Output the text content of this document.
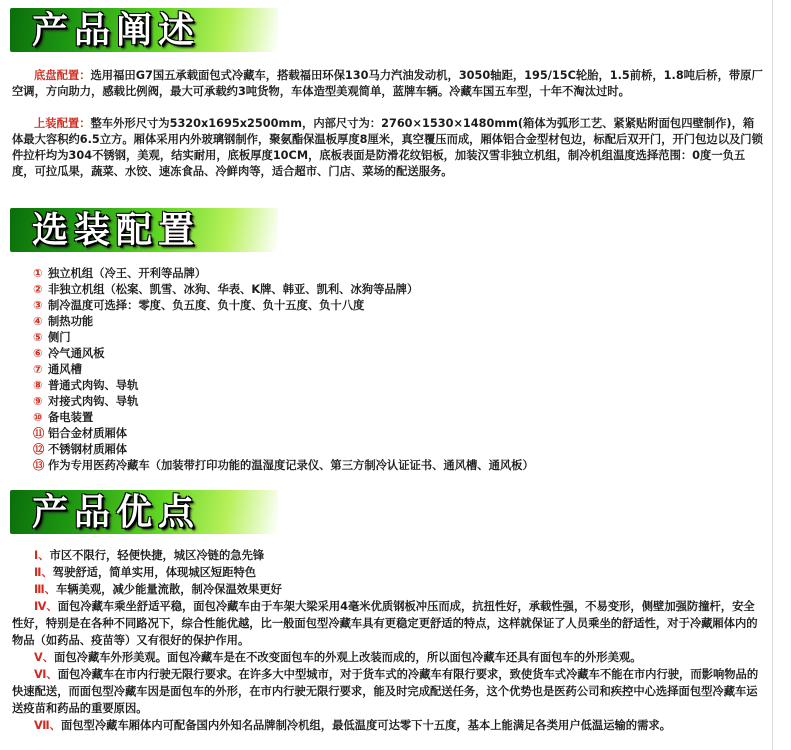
产品阐述
底盘配置：选用福田G7国五承载面包式冷藏车，搭载福田环保130马力汽油发动机，3050轴距，195/15C轮胎，1.5前桥，1.8吨后桥，带原厂空调，方向助力，感载比例阀，最大可承载约3吨货物，车体造型美观简单，蓝牌车辆。冷藏车国五车型，十年不淘汰过时。
上装配置：整车外形尺寸为5320x1695x2500mm，内部尺寸为：2760×1530×1480mm(箱体为弧形工艺、紧紧贴附面包四壁制作)，箱体最大容积约6.5立方。厢体采用内外玻璃钢制作，聚氨酯保温板厚度8厘米，真空覆压而成，厢体铝合金型材包边，标配后双开门，开门包边以及门锁件拉杆均为304不锈钢，美观，结实耐用，底板厚度10CM，底板表面是防滑花纹铝板，加装汉雪非独立机组，制冷机组温度选择范围：0度一负五度，可拉瓜果，蔬菜、水饺、速冻食品、冷鲜肉等，适合超市、门店、菜场的配送服务。
选装配置
① 独立机组（冷王、开利等品牌）
② 非独立机组（松案、凯雪、冰狗、华表、K牌、韩亚、凯利、冰狗等品牌）
③ 制冷温度可选择：零度、负五度、负十度、负十五度、负十八度
④ 制热功能
⑤ 侧门
⑥ 冷气通风板
⑦ 通风槽
⑧ 普通式肉钩、导轨
⑨ 对接式肉钩、导轨
⑩ 备电装置
⑪ 铝合金材质厢体
⑫ 不锈钢材质厢体
⑬ 作为专用医药冷藏车（加装带打印功能的温湿度记录仪、第三方制冷认证证书、通风槽、通风板）
产品优点
Ⅰ、市区不限行，轻便快捷，城区冷链的急先锋
Ⅱ、驾驶舒适，简单实用，体现城区短距特色
Ⅲ、车辆美观，减少能量流散，制冷保温效果更好
Ⅳ、面包冷藏车乘坐舒适平稳，面包冷藏车由于车架大梁采用4毫米优质钢板冲压而成，抗扭性好，承载性强，不易变形，侧壁加强防撞杆，安全性好，特别是在各种不同路况下，综合性能优越，比一般面包型冷藏车具有更稳定更舒适的特点，这样就保证了人员乘坐的舒适性，对于冷藏厢体内的物品（如药品、疫苗等）又有很好的保护作用。
Ⅴ、面包冷藏车外形美观。面包冷藏车是在不改变面包车的外观上改装而成的，所以面包冷藏车还具有面包车的外形美观。
Ⅵ、面包冷藏车在市内行驶无限行要求。在许多大中型城市，对于货车式的冷藏车有限行要求，致使货车式冷藏车不能在市内行驶，而影响物品的快速配送，而面包型冷藏车因是面包车的外形，在市内行驶无限行要求，能及时完成配送任务，这个优势也是医药公司和疾控中心选择面包型冷藏车运送疫苗和药品的重要原因。
Ⅶ、面包型冷藏车厢体内可配备国内外知名品牌制冷机组，最低温度可达零下十五度，基本上能满足各类用户低温运输的需求。
